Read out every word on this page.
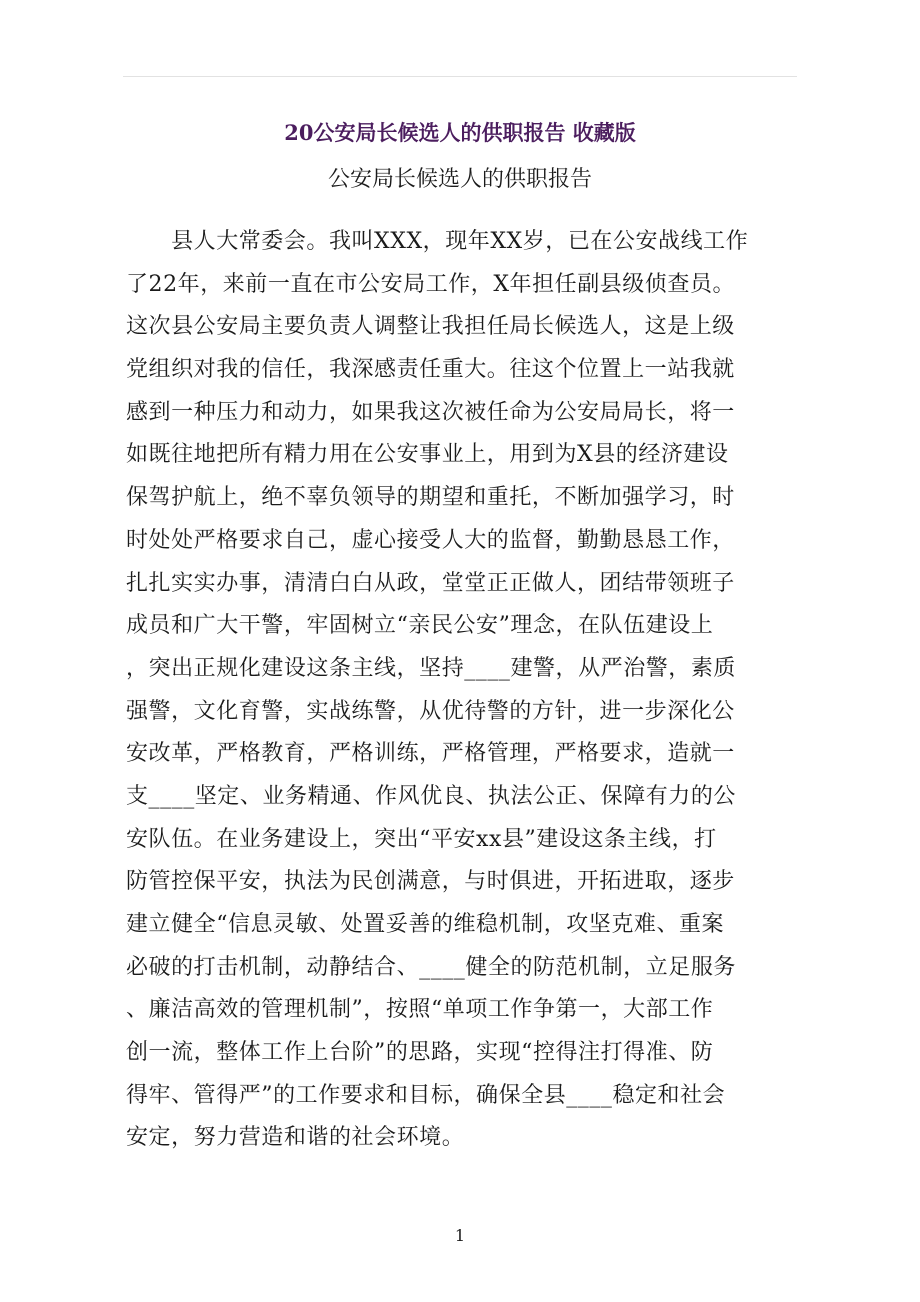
20公安局长候选人的供职报告 收藏版
公安局长候选人的供职报告
　　县人大常委会。我叫XXX，现年XX岁，已在公安战线工作
了22年，来前一直在市公安局工作，X年担任副县级侦查员。
这次县公安局主要负责人调整让我担任局长候选人，这是上级
党组织对我的信任，我深感责任重大。往这个位置上一站我就
感到一种压力和动力，如果我这次被任命为公安局局长，将一
如既往地把所有精力用在公安事业上，用到为X县的经济建设
保驾护航上，绝不辜负领导的期望和重托，不断加强学习，时
时处处严格要求自己，虚心接受人大的监督，勤勤恳恳工作，
扎扎实实办事，清清白白从政，堂堂正正做人，团结带领班子
成员和广大干警，牢固树立“亲民公安”理念，在队伍建设上
，突出正规化建设这条主线，坚持____建警，从严治警，素质
强警，文化育警，实战练警，从优待警的方针，进一步深化公
安改革，严格教育，严格训练，严格管理，严格要求，造就一
支____坚定、业务精通、作风优良、执法公正、保障有力的公
安队伍。在业务建设上，突出“平安xx县”建设这条主线，打
防管控保平安，执法为民创满意，与时俱进，开拓进取，逐步
建立健全“信息灵敏、处置妥善的维稳机制，攻坚克难、重案
必破的打击机制，动静结合、____健全的防范机制，立足服务
、廉洁高效的管理机制”，按照“单项工作争第一，大部工作
创一流，整体工作上台阶”的思路，实现“控得注打得准、防
得牢、管得严”的工作要求和目标，确保全县____稳定和社会
安定，努力营造和谐的社会环境。
1
